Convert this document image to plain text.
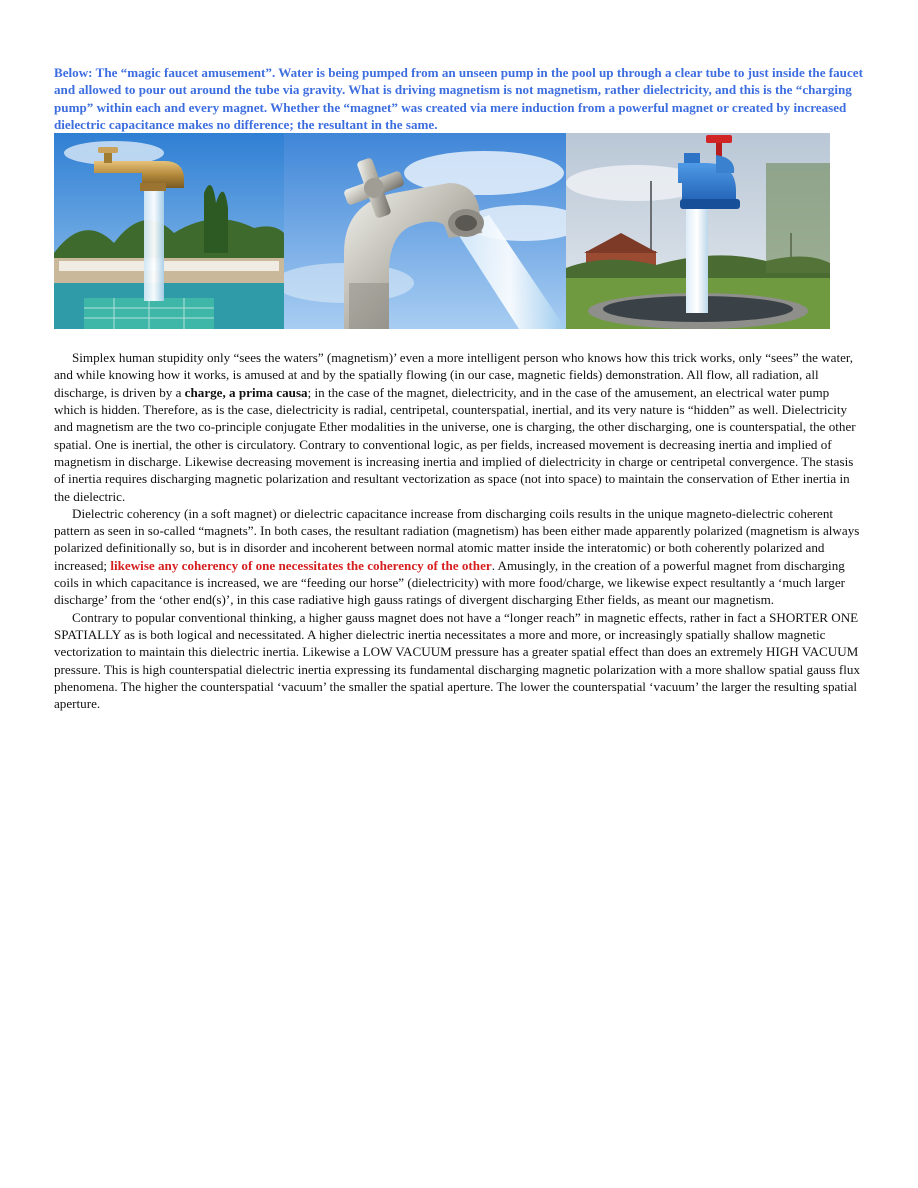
Below: The “magic faucet amusement”. Water is being pumped from an unseen pump in the pool up through a clear tube to just inside the faucet and allowed to pour out around the tube via gravity. What is driving magnetism is not magnetism, rather dielectricity, and this is the “charging pump” within each and every magnet. Whether the “magnet” was created via mere induction from a powerful magnet or created by increased dielectric capacitance makes no difference; the resultant in the same.

Simplex human stupidity only “sees the waters” (magnetism)’ even a more intelligent person who knows how this trick works, only “sees” the water, and while knowing how it works, is amused at and by the spatially flowing (in our case, magnetic fields) demonstration. All flow, all radiation, all discharge, is driven by a charge, a prima causa; in the case of the magnet, dielectricity, and in the case of the amusement, an electrical water pump which is hidden. Therefore, as is the case, dielectricity is radial, centripetal, counterspatial, inertial, and its very nature is “hidden” as well. Dielectricity and magnetism are the two co-principle conjugate Ether modalities in the universe, one is charging, the other discharging, one is counterspatial, the other spatial. One is inertial, the other is circulatory. Contrary to conventional logic, as per fields, increased movement is decreasing inertia and implied of magnetism in discharge. Likewise decreasing movement is increasing inertia and implied of dielectricity in charge or centripetal convergence. The stasis of inertia requires discharging magnetic polarization and resultant vectorization as space (not into space) to maintain the conservation of Ether inertia in the dielectric.

Dielectric coherency (in a soft magnet) or dielectric capacitance increase from discharging coils results in the unique magneto-dielectric coherent pattern as seen in so-called “magnets”. In both cases, the resultant radiation (magnetism) has been either made apparently polarized (magnetism is always polarized definitionally so, but is in disorder and incoherent between normal atomic matter inside the interatomic) or both coherently polarized and increased; likewise any coherency of one necessitates the coherency of the other. Amusingly, in the creation of a powerful magnet from discharging coils in which capacitance is increased, we are “feeding our horse” (dielectricity) with more food/charge, we likewise expect resultantly a ‘much larger discharge’ from the ‘other end(s)’, in this case radiative high gauss ratings of divergent discharging Ether fields, as meant our magnetism.

Contrary to popular conventional thinking, a higher gauss magnet does not have a “longer reach” in magnetic effects, rather in fact a SHORTER ONE SPATIALLY as is both logical and necessitated. A higher dielectric inertia necessitates a more and more, or increasingly spatially shallow magnetic vectorization to maintain this dielectric inertia. Likewise a LOW VACUUM pressure has a greater spatial effect than does an extremely HIGH VACUUM pressure. This is high counterspatial dielectric inertia expressing its fundamental discharging magnetic polarization with a more shallow spatial gauss flux phenomena. The higher the counterspatial ‘vacuum’ the smaller the spatial aperture. The lower the counterspatial ‘vacuum’ the larger the resulting spatial aperture.
